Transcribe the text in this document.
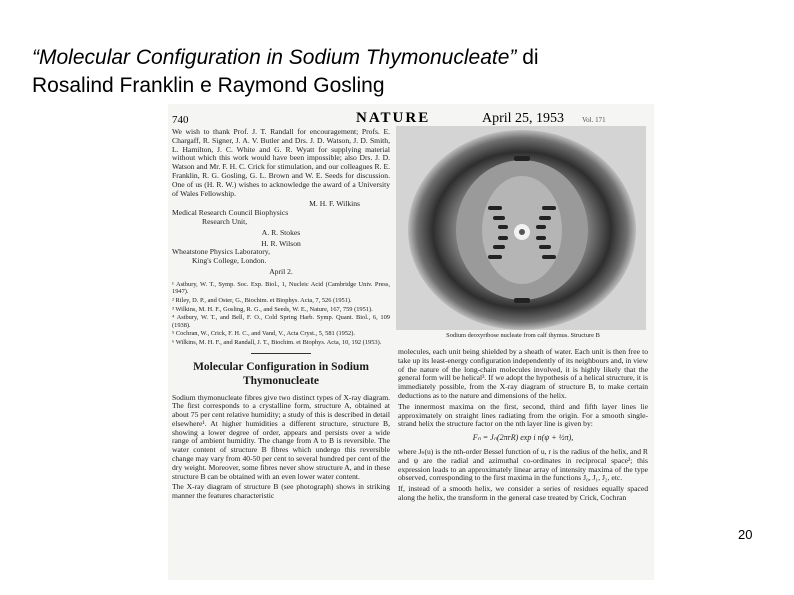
“Molecular Configuration in Sodium Thymonucleate” di
Rosalind Franklin e Raymond Gosling
740	NATURE	April 25, 1953	Vol. 171

We wish to thank Prof. J. T. Randall for encouragement; Profs. E. Chargaff, R. Signer, J. A. V. Butler and Drs. J. D. Watson, J. D. Smith, L. Hamilton, J. C. White and G. R. Wyatt for supplying material without which this work would have been impossible; also Drs. J. D. Watson and Mr. F. H. C. Crick for stimulation, and our colleagues R. E. Franklin, R. G. Gosling, G. L. Brown and W. E. Seeds for discussion. One of us (H. R. W.) wishes to acknowledge the award of a University of Wales Fellowship.

M. H. F. Wilkins
Medical Research Council Biophysics
Research Unit,
A. R. Stokes
H. R. Wilson
Wheatstone Physics Laboratory,
King's College, London.
April 2.
¹ Astbury, W. T., Symp. Soc. Exp. Biol., 1, Nucleic Acid (Cambridge Univ. Press, 1947).
² Riley, D. P., and Oster, G., Biochim. et Biophys. Acta, 7, 526 (1951).
³ Wilkins, M. H. F., Gosling, R. G., and Seeds, W. E., Nature, 167, 759 (1951).
⁴ Astbury, W. T., and Bell, F. O., Cold Spring Harb. Symp. Quant. Biol., 6, 109 (1938).
⁵ Cochran, W., Crick, F. H. C., and Vand, V., Acta Cryst., 5, 581 (1952).
⁶ Wilkins, M. H. F., and Randall, J. T., Biochim. et Biophys. Acta, 10, 192 (1953).
Molecular Configuration in Sodium Thymonucleate

Sodium thymonucleate fibres give two distinct types of X-ray diagram. The first corresponds to a crystalline form, structure A, obtained at about 75 per cent relative humidity; a study of this is described in detail elsewhere¹. At higher humidities a different structure, structure B, showing a lower degree of order, appears and persists over a wide range of ambient humidity. The change from A to B is reversible. The water content of structure B fibres which undergo this reversible change may vary from 40-50 per cent to several hundred per cent of the dry weight. Moreover, some fibres never show structure A, and in these structure B can be obtained with an even lower water content.

The X-ray diagram of structure B (see photograph) shows in striking manner the features characteristic

Sodium deoxyribose nucleate from calf thymus. Structure B

molecules, each unit being shielded by a sheath of water. Each unit is then free to take up its least-energy configuration independently of its neighbours and, in view of the nature of the long-chain molecules involved, it is highly likely that the general form will be helical³. If we adopt the hypothesis of a helical structure, it is immediately possible, from the X-ray diagram of structure B, to make certain deductions as to the nature and dimensions of the helix.

The innermost maxima on the first, second, third and fifth layer lines lie approximately on straight lines radiating from the origin. For a smooth single-strand helix the structure factor on the nth layer line is given by:

Fₙ = Jₙ(2πrR) exp i n(ψ + ½π),

where Jₙ(u) is the nth-order Bessel function of u, r is the radius of the helix, and R and ψ are the radial and azimuthal co-ordinates in reciprocal space²; this expression leads to an approximately linear array of intensity maxima of the type observed, corresponding to the first maxima in the functions J₀, J₁, J₂, etc.

If, instead of a smooth helix, we consider a series of residues equally spaced along the helix, the transform in the general case treated by Crick, Cochran

20
